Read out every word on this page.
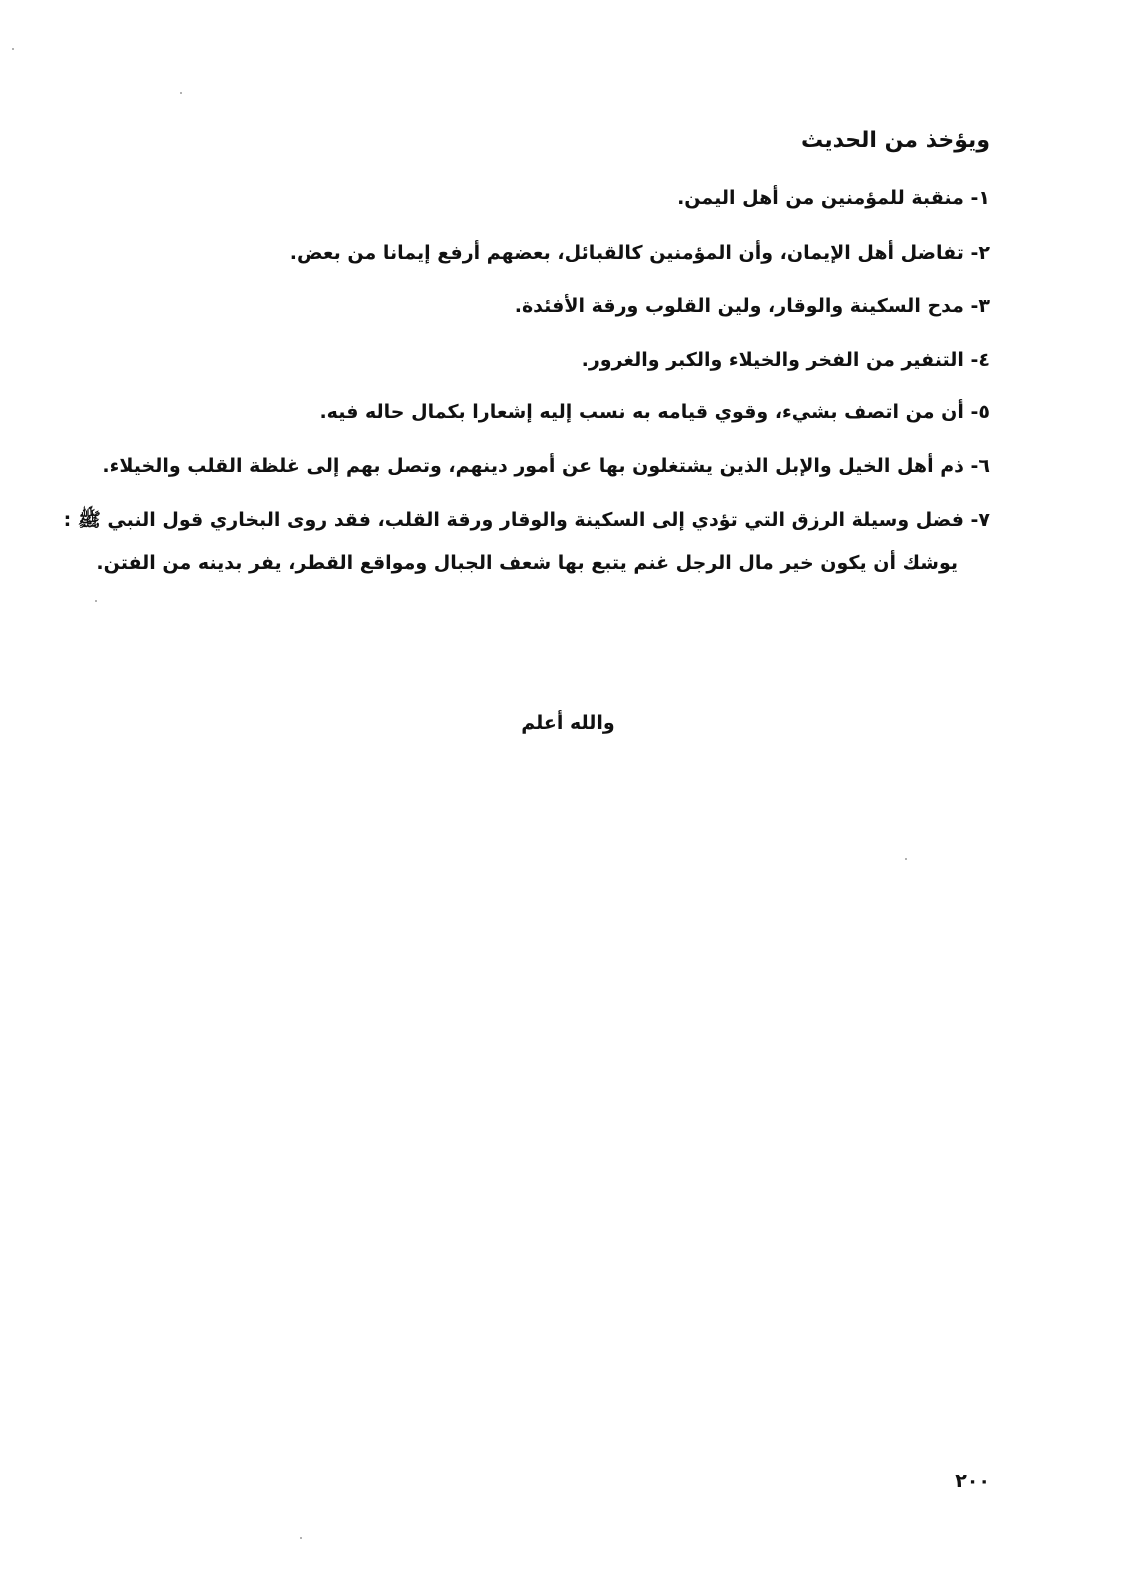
ويؤخذ من الحديث
١- منقبة للمؤمنين من أهل اليمن.
٢- تفاضل أهل الإيمان، وأن المؤمنين كالقبائل، بعضهم أرفع إيمانا من بعض.
٣- مدح السكينة والوقار، ولين القلوب ورقة الأفئدة.
٤- التنفير من الفخر والخيلاء والكبر والغرور.
٥- أن من اتصف بشيء، وقوي قيامه به نسب إليه إشعارا بكمال حاله فيه.
٦- ذم أهل الخيل والإبل الذين يشتغلون بها عن أمور دينهم، وتصل بهم إلى غلظة القلب والخيلاء.
٧- فضل وسيلة الرزق التي تؤدي إلى السكينة والوقار ورقة القلب، فقد روى البخاري قول النبي ﷺ :
يوشك أن يكون خير مال الرجل غنم يتبع بها شعف الجبال ومواقع القطر، يفر بدينه من الفتن.
والله أعلم
٢٠٠
